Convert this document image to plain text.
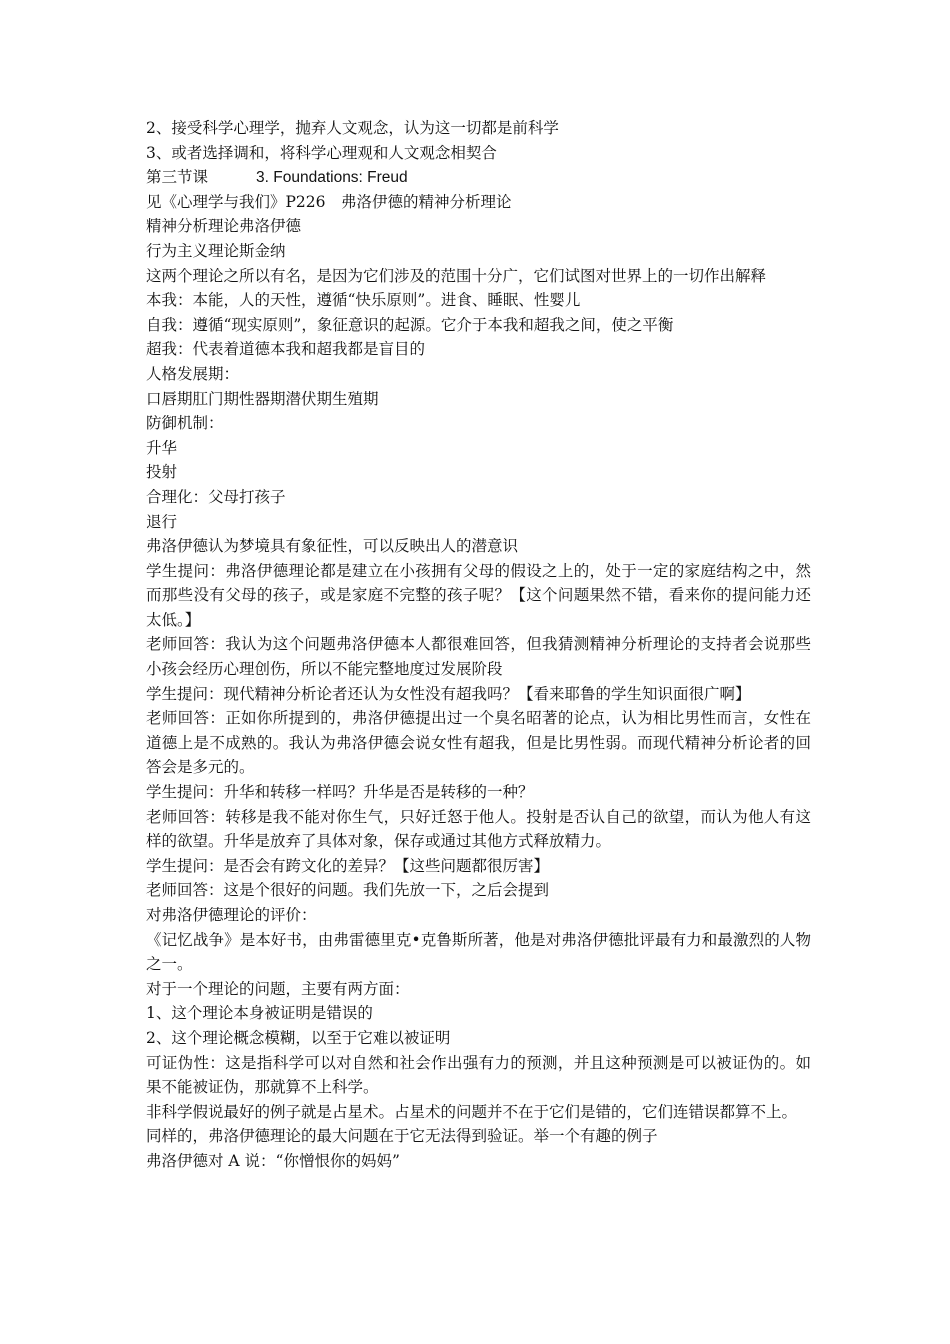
2、接受科学心理学，抛弃人文观念，认为这一切都是前科学
3、或者选择调和，将科学心理观和人文观念相契合
第三节课	3. Foundations: Freud
见《心理学与我们》P226　弗洛伊德的精神分析理论
精神分析理论弗洛伊德
行为主义理论斯金纳
这两个理论之所以有名，是因为它们涉及的范围十分广，它们试图对世界上的一切作出解释
本我：本能，人的天性，遵循“快乐原则”。进食、睡眠、性婴儿
自我：遵循“现实原则”，象征意识的起源。它介于本我和超我之间，使之平衡
超我：代表着道德本我和超我都是盲目的
人格发展期：
口唇期肛门期性器期潜伏期生殖期
防御机制：
升华
投射
合理化：父母打孩子
退行
弗洛伊德认为梦境具有象征性，可以反映出人的潜意识
学生提问：弗洛伊德理论都是建立在小孩拥有父母的假设之上的，处于一定的家庭结构之中，然而那些没有父母的孩子，或是家庭不完整的孩子呢？【这个问题果然不错，看来你的提问能力还太低。】
老师回答：我认为这个问题弗洛伊德本人都很难回答，但我猜测精神分析理论的支持者会说那些小孩会经历心理创伤，所以不能完整地度过发展阶段
学生提问：现代精神分析论者还认为女性没有超我吗？【看来耶鲁的学生知识面很广啊】
老师回答：正如你所提到的，弗洛伊德提出过一个臭名昭著的论点，认为相比男性而言，女性在道德上是不成熟的。我认为弗洛伊德会说女性有超我，但是比男性弱。而现代精神分析论者的回答会是多元的。
学生提问：升华和转移一样吗？升华是否是转移的一种？
老师回答：转移是我不能对你生气，只好迁怒于他人。投射是否认自己的欲望，而认为他人有这样的欲望。升华是放弃了具体对象，保存或通过其他方式释放精力。
学生提问：是否会有跨文化的差异？【这些问题都很厉害】
老师回答：这是个很好的问题。我们先放一下，之后会提到
对弗洛伊德理论的评价：
《记忆战争》是本好书，由弗雷德里克•克鲁斯所著，他是对弗洛伊德批评最有力和最激烈的人物之一。
对于一个理论的问题，主要有两方面：
1、这个理论本身被证明是错误的
2、这个理论概念模糊，以至于它难以被证明
可证伪性：这是指科学可以对自然和社会作出强有力的预测，并且这种预测是可以被证伪的。如果不能被证伪，那就算不上科学。
非科学假说最好的例子就是占星术。占星术的问题并不在于它们是错的，它们连错误都算不上。
同样的，弗洛伊德理论的最大问题在于它无法得到验证。举一个有趣的例子
弗洛伊德对 A 说：“你憎恨你的妈妈”
